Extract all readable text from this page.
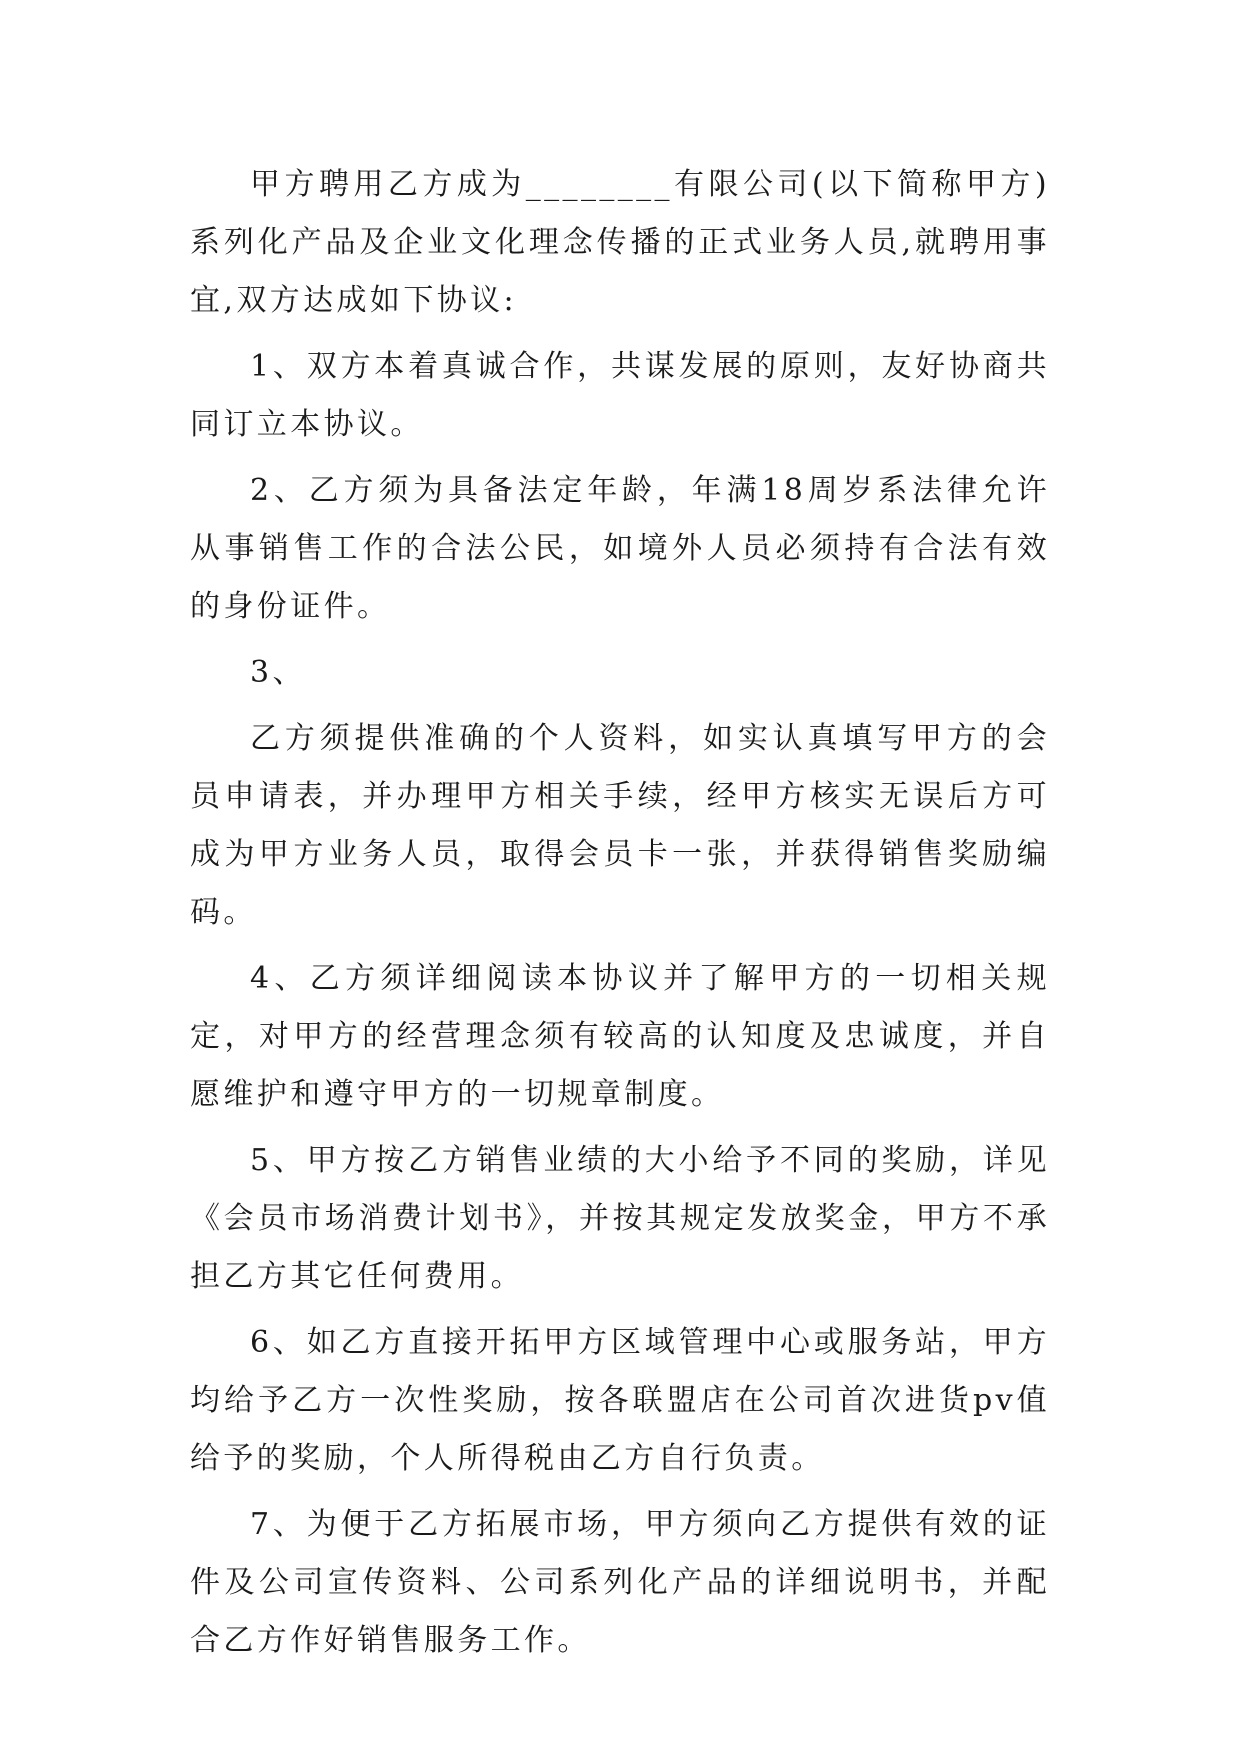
甲方聘用乙方成为________有限公司(以下简称甲方)系列化产品及企业文化理念传播的正式业务人员,就聘用事宜,双方达成如下协议:

1、双方本着真诚合作，共谋发展的原则，友好协商共同订立本协议。

2、乙方须为具备法定年龄，年满18周岁系法律允许从事销售工作的合法公民，如境外人员必须持有合法有效的身份证件。

3、

乙方须提供准确的个人资料，如实认真填写甲方的会员申请表，并办理甲方相关手续，经甲方核实无误后方可成为甲方业务人员，取得会员卡一张，并获得销售奖励编码。

4、乙方须详细阅读本协议并了解甲方的一切相关规定，对甲方的经营理念须有较高的认知度及忠诚度，并自愿维护和遵守甲方的一切规章制度。

5、甲方按乙方销售业绩的大小给予不同的奖励，详见《会员市场消费计划书》，并按其规定发放奖金，甲方不承担乙方其它任何费用。

6、如乙方直接开拓甲方区域管理中心或服务站，甲方均给予乙方一次性奖励，按各联盟店在公司首次进货pv值给予的奖励，个人所得税由乙方自行负责。

7、为便于乙方拓展市场，甲方须向乙方提供有效的证件及公司宣传资料、公司系列化产品的详细说明书，并配合乙方作好销售服务工作。
